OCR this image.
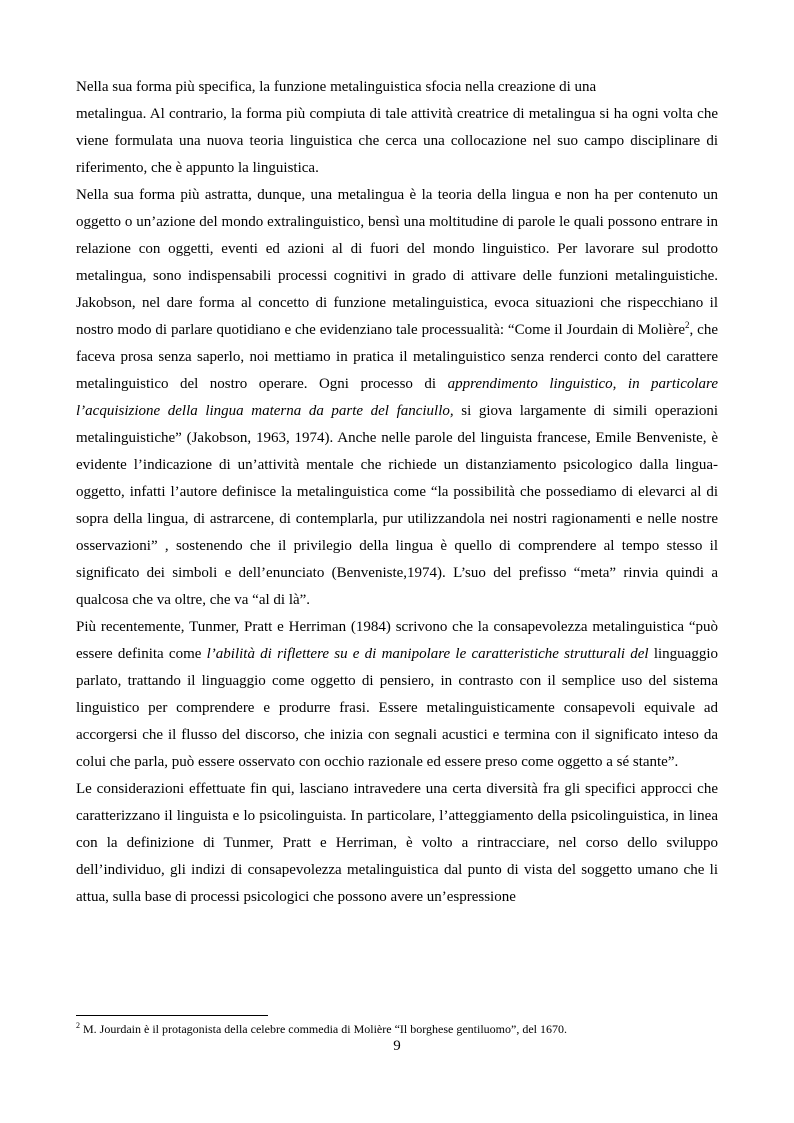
Nella sua forma più specifica, la funzione metalinguistica sfocia nella creazione di una
metalingua. Al contrario, la forma più compiuta di tale attività creatrice di metalingua si ha ogni volta che viene formulata una nuova teoria linguistica che cerca una collocazione nel suo campo disciplinare di riferimento, che è appunto la linguistica.

Nella sua forma più astratta, dunque, una metalingua è la teoria della lingua e non ha per contenuto un oggetto o un’azione del mondo extralinguistico, bensì una moltitudine di parole le quali possono entrare in relazione con oggetti, eventi ed azioni al di fuori del mondo linguistico. Per lavorare sul prodotto metalingua, sono indispensabili processi cognitivi in grado di attivare delle funzioni metalinguistiche. Jakobson, nel dare forma al concetto di funzione metalinguistica, evoca situazioni che rispecchiano il nostro modo di parlare quotidiano e che evidenziano tale processualità: “Come il Jourdain di Molière$^2$, che faceva prosa senza saperlo, noi mettiamo in pratica il metalinguistico senza renderci conto del carattere metalinguistico del nostro operare. Ogni processo di apprendimento linguistico, in particolare l’acquisizione della lingua materna da parte del fanciullo, si giova largamente di simili operazioni metalinguistiche” (Jakobson, 1963, 1974). Anche nelle parole del linguista francese, Emile Benveniste, è evidente l’indicazione di un’attività mentale che richiede un distanziamento psicologico dalla lingua-oggetto, infatti l’autore definisce la metalinguistica come “la possibilità che possediamo di elevarci al di sopra della lingua, di astrarcene, di contemplarla, pur utilizzandola nei nostri ragionamenti e nelle nostre osservazioni” , sostenendo che il privilegio della lingua è quello di comprendere al tempo stesso il significato dei simboli e dell’enunciato (Benveniste,1974). L’suo del prefisso “meta” rinvia quindi a qualcosa che va oltre, che va “al di là”.

Più recentemente, Tunmer, Pratt e Herriman (1984) scrivono che la consapevolezza metalinguistica “può essere definita come l’abilità di riflettere su e di manipolare le caratteristiche strutturali del linguaggio parlato, trattando il linguaggio come oggetto di pensiero, in contrasto con il semplice uso del sistema linguistico per comprendere e produrre frasi. Essere metalinguisticamente consapevoli equivale ad accorgersi che il flusso del discorso, che inizia con segnali acustici e termina con il significato inteso da colui che parla, può essere osservato con occhio razionale ed essere preso come oggetto a sé stante”.

Le considerazioni effettuate fin qui, lasciano intravedere una certa diversità fra gli specifici approcci che caratterizzano il linguista e lo psicolinguista. In particolare, l’atteggiamento della psicolinguistica, in linea con la definizione di Tunmer, Pratt e Herriman, è volto a rintracciare, nel corso dello sviluppo dell’individuo, gli indizi di consapevolezza metalinguistica dal punto di vista del soggetto umano che li attua, sulla base di processi psicologici che possono avere un’espressione

$^2$ M. Jourdain è il protagonista della celebre commedia di Molière “Il borghese gentiluomo”, del 1670.
9
